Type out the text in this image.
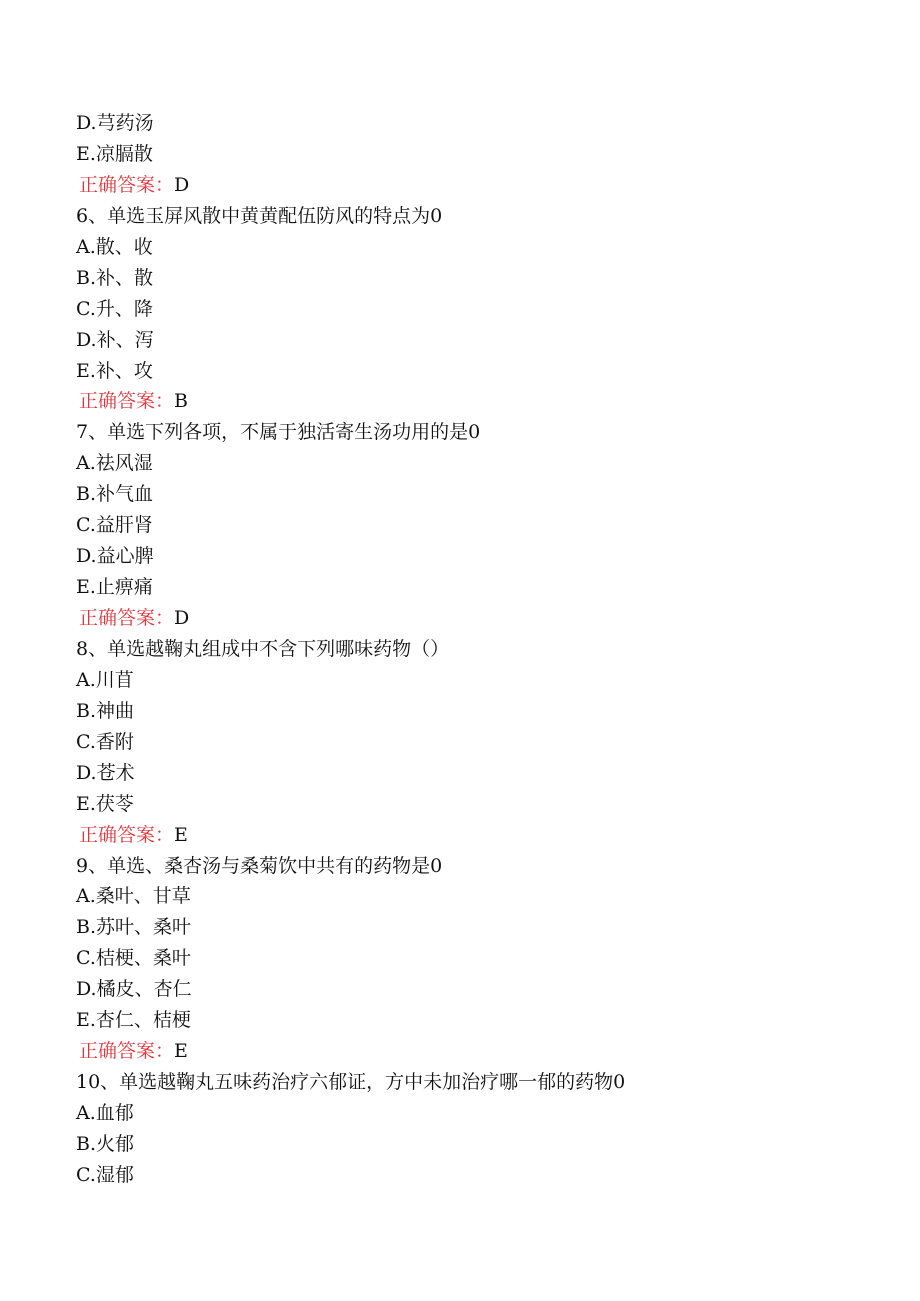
D.芎药汤
E.凉膈散
正确答案：D
6、单选玉屏风散中黄黄配伍防风的特点为0
A.散、收
B.补、散
C.升、降
D.补、泻
E.补、攻
正确答案：B
7、单选下列各项，不属于独活寄生汤功用的是0
A.祛风湿
B.补气血
C.益肝肾
D.益心脾
E.止痹痛
正确答案：D
8、单选越鞠丸组成中不含下列哪味药物（）
A.川苜
B.神曲
C.香附
D.苍术
E.茯苓
正确答案：E
9、单选、桑杏汤与桑菊饮中共有的药物是0
A.桑叶、甘草
B.苏叶、桑叶
C.桔梗、桑叶
D.橘皮、杏仁
E.杏仁、桔梗
正确答案：E
10、单选越鞠丸五味药治疗六郁证，方中未加治疗哪一郁的药物0
A.血郁
B.火郁
C.湿郁
